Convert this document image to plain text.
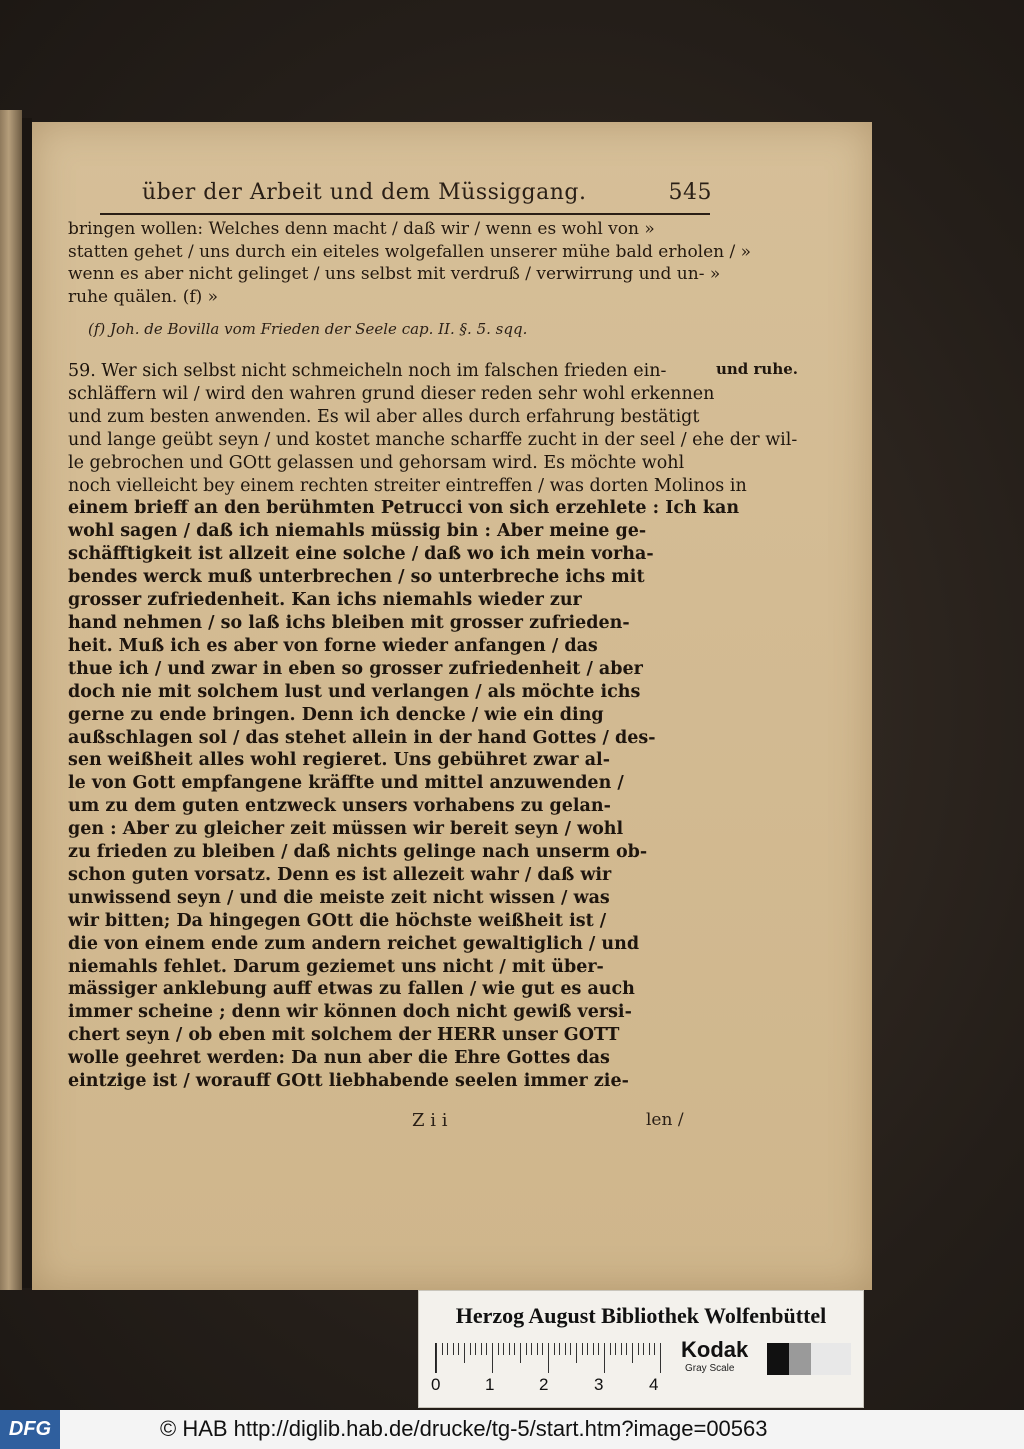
über der Arbeit und dem Müssiggang.	545
bringen wollen: Welches denn macht / daß wir / wenn es wohl von »
statten gehet / uns durch ein eiteles wolgefallen unserer mühe bald erholen / »
wenn es aber nicht gelinget / uns selbst mit verdruß / verwirrung und un- »
ruhe quälen. (f) »
(f) Joh. de Bovilla vom Frieden der Seele cap. II. §. 5. sqq.
und ruhe.
59. Wer sich selbst nicht schmeicheln noch im falschen frieden ein-
schläffern wil / wird den wahren grund dieser reden sehr wohl erkennen
und zum besten anwenden. Es wil aber alles durch erfahrung bestätigt
und lange geübt seyn / und kostet manche scharffe zucht in der seel / ehe der wil-
le gebrochen und GOtt gelassen und gehorsam wird. Es möchte wohl
noch vielleicht bey einem rechten streiter eintreffen / was dorten Molinos in
einem brieff an den berühmten Petrucci von sich erzehlete : Ich kan
wohl sagen / daß ich niemahls müssig bin : Aber meine ge-
schäfftigkeit ist allzeit eine solche / daß wo ich mein vorha-
bendes werck muß unterbrechen / so unterbreche ichs mit
grosser zufriedenheit. Kan ichs niemahls wieder zur
hand nehmen / so laß ichs bleiben mit grosser zufrieden-
heit. Muß ich es aber von forne wieder anfangen / das
thue ich / und zwar in eben so grosser zufriedenheit / aber
doch nie mit solchem lust und verlangen / als möchte ichs
gerne zu ende bringen. Denn ich dencke / wie ein ding
außschlagen sol / das stehet allein in der hand Gottes / des-
sen weißheit alles wohl regieret. Uns gebühret zwar al-
le von Gott empfangene kräffte und mittel anzuwenden /
um zu dem guten entzweck unsers vorhabens zu gelan-
gen : Aber zu gleicher zeit müssen wir bereit seyn / wohl
zu frieden zu bleiben / daß nichts gelinge nach unserm ob-
schon guten vorsatz. Denn es ist allezeit wahr / daß wir
unwissend seyn / und die meiste zeit nicht wissen / was
wir bitten; Da hingegen GOtt die höchste weißheit ist /
die von einem ende zum andern reichet gewaltiglich / und
niemahls fehlet. Darum geziemet uns nicht / mit über-
mässiger anklebung auff etwas zu fallen / wie gut es auch
immer scheine ; denn wir können doch nicht gewiß versi-
chert seyn / ob eben mit solchem der HERR unser GOTT
wolle geehret werden: Da nun aber die Ehre Gottes das
eintzige ist / worauff GOtt liebhabende seelen immer zie-
Z i i	len /
Herzog August Bibliothek Wolfenbüttel
0	1	2	3	4
Kodak
Gray Scale
DFG	© HAB http://diglib.hab.de/drucke/tg-5/start.htm?image=00563
